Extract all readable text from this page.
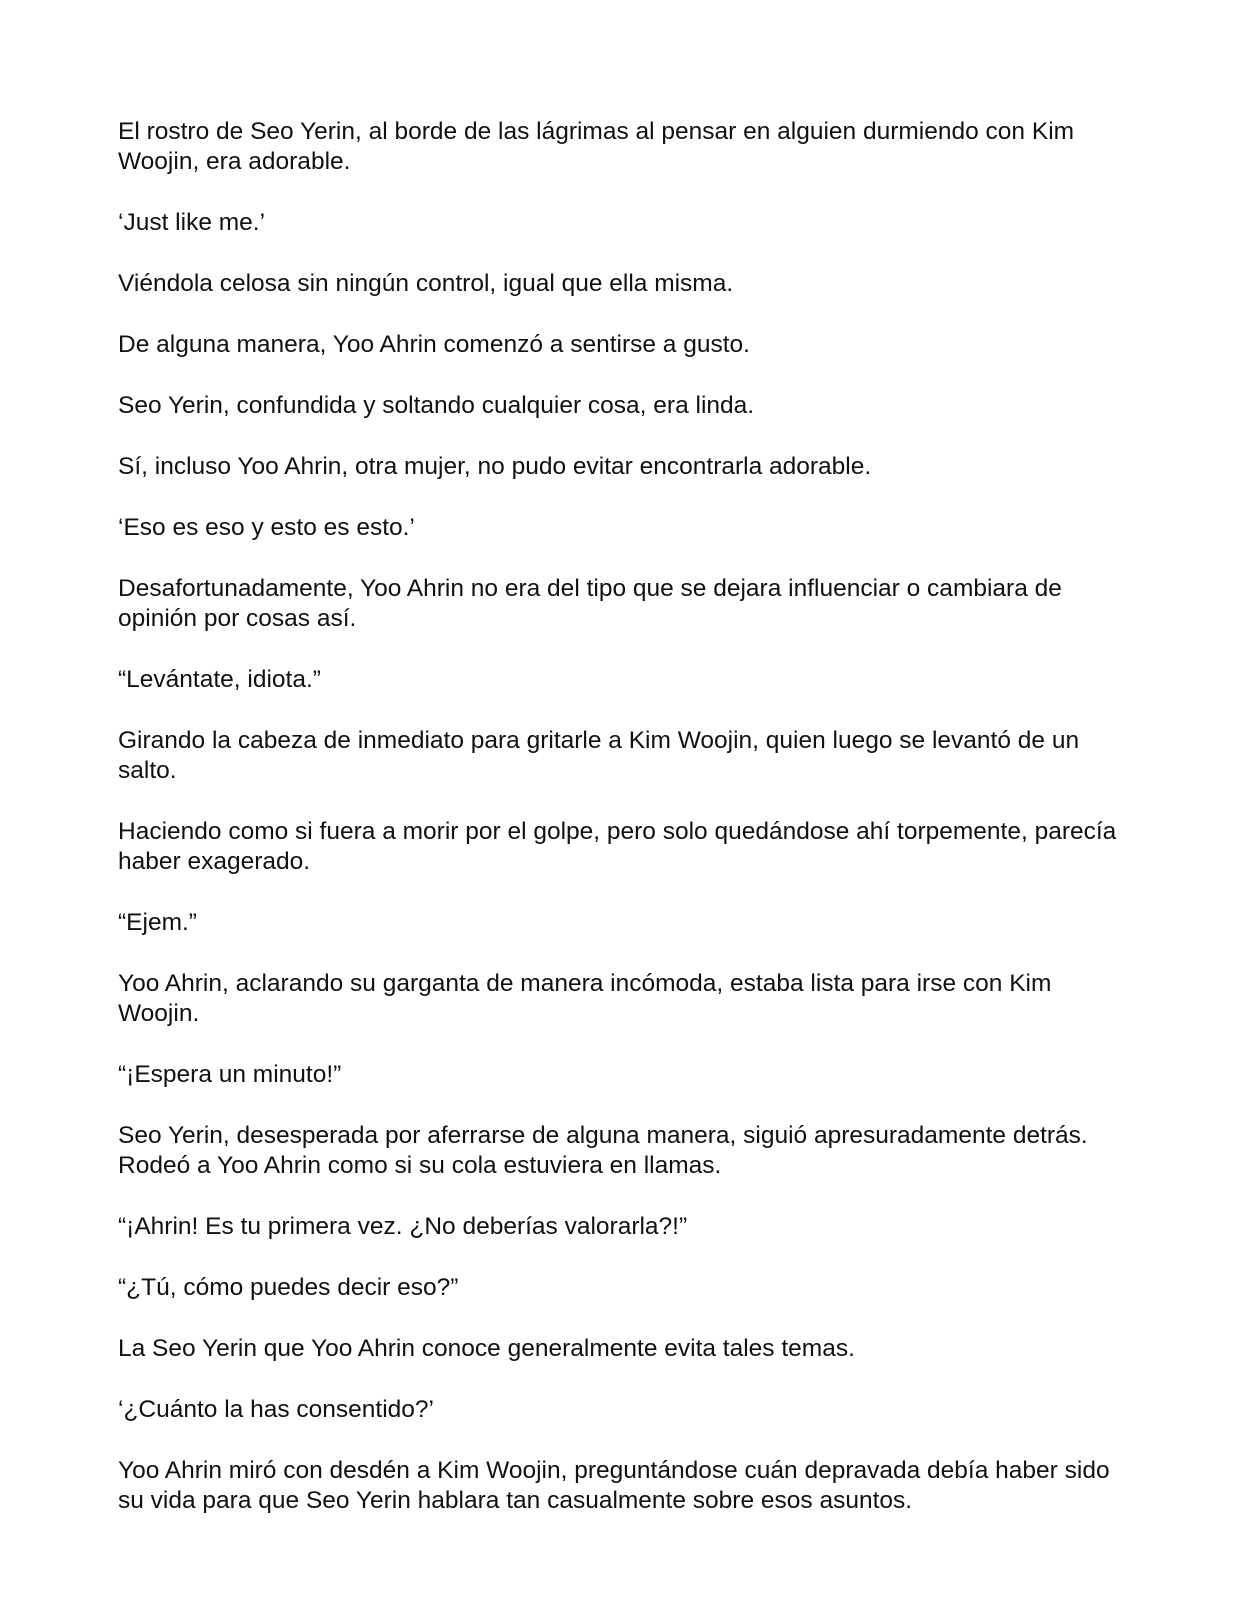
El rostro de Seo Yerin, al borde de las lágrimas al pensar en alguien durmiendo con Kim Woojin, era adorable.

‘Just like me.’

Viéndola celosa sin ningún control, igual que ella misma.

De alguna manera, Yoo Ahrin comenzó a sentirse a gusto.

Seo Yerin, confundida y soltando cualquier cosa, era linda.

Sí, incluso Yoo Ahrin, otra mujer, no pudo evitar encontrarla adorable.

‘Eso es eso y esto es esto.’

Desafortunadamente, Yoo Ahrin no era del tipo que se dejara influenciar o cambiara de opinión por cosas así.

“Levántate, idiota.”

Girando la cabeza de inmediato para gritarle a Kim Woojin, quien luego se levantó de un salto.

Haciendo como si fuera a morir por el golpe, pero solo quedándose ahí torpemente, parecía haber exagerado.

“Ejem.”

Yoo Ahrin, aclarando su garganta de manera incómoda, estaba lista para irse con Kim Woojin.

“¡Espera un minuto!”

Seo Yerin, desesperada por aferrarse de alguna manera, siguió apresuradamente detrás. Rodeó a Yoo Ahrin como si su cola estuviera en llamas.

“¡Ahrin! Es tu primera vez. ¿No deberías valorarla?!”

“¿Tú, cómo puedes decir eso?”

La Seo Yerin que Yoo Ahrin conoce generalmente evita tales temas.

‘¿Cuánto la has consentido?’

Yoo Ahrin miró con desdén a Kim Woojin, preguntándose cuán depravada debía haber sido su vida para que Seo Yerin hablara tan casualmente sobre esos asuntos.
